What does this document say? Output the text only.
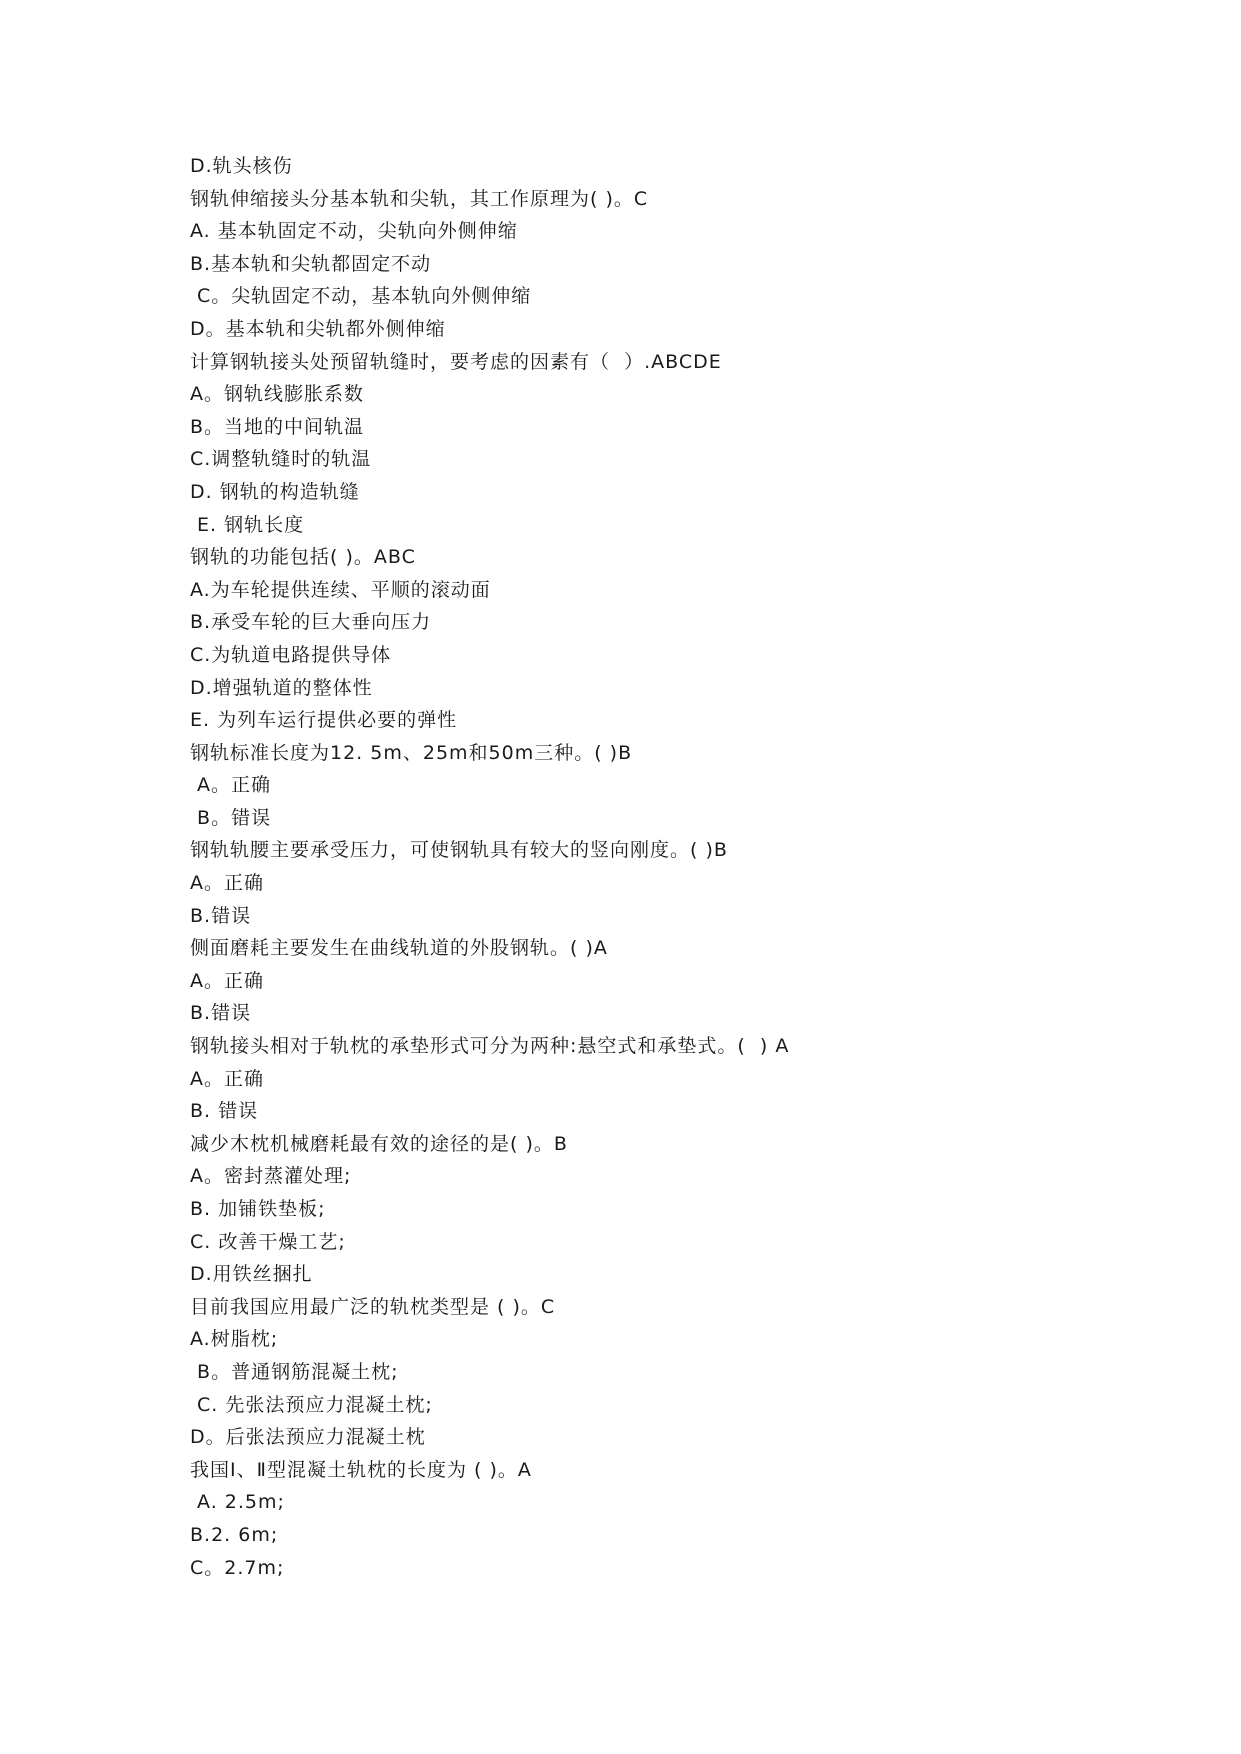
D.轨头核伤
钢轨伸缩接头分基本轨和尖轨，其工作原理为( )。C
A. 基本轨固定不动，尖轨向外侧伸缩
B.基本轨和尖轨都固定不动
C。尖轨固定不动，基本轨向外侧伸缩
D。基本轨和尖轨都外侧伸缩
计算钢轨接头处预留轨缝时，要考虑的因素有（  ）.ABCDE
A。钢轨线膨胀系数
B。当地的中间轨温
C.调整轨缝时的轨温
D. 钢轨的构造轨缝
E. 钢轨长度
钢轨的功能包括( )。ABC
A.为车轮提供连续、平顺的滚动面
B.承受车轮的巨大垂向压力
C.为轨道电路提供导体
D.增强轨道的整体性
E. 为列车运行提供必要的弹性
钢轨标准长度为12. 5m、25m和50m三种。( )B
A。正确
B。错误
钢轨轨腰主要承受压力，可使钢轨具有较大的竖向刚度。( )B
A。正确
B.错误
侧面磨耗主要发生在曲线轨道的外股钢轨。( )A
A。正确
B.错误
钢轨接头相对于轨枕的承垫形式可分为两种:悬空式和承垫式。(  ) A
A。正确
B. 错误
减少木枕机械磨耗最有效的途径的是( )。B
A。密封蒸灌处理;
B. 加铺铁垫板;
C. 改善干燥工艺;
D.用铁丝捆扎
目前我国应用最广泛的轨枕类型是 ( )。C
A.树脂枕;
B。普通钢筋混凝土枕;
C. 先张法预应力混凝土枕;
D。后张法预应力混凝土枕
我国Ⅰ、Ⅱ型混凝土轨枕的长度为 ( )。A
A. 2.5m;
B.2. 6m;
C。2.7m;
